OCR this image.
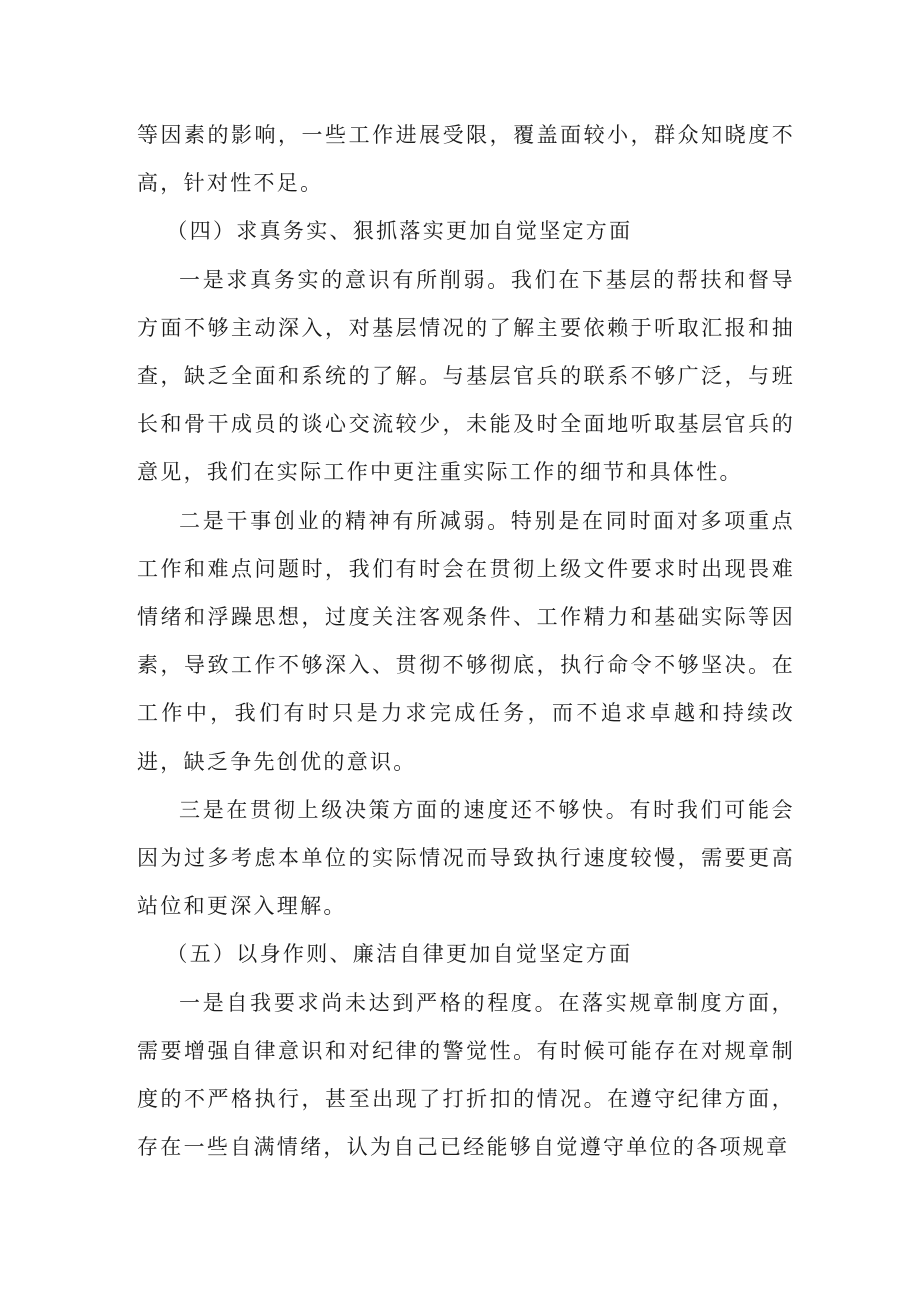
等因素的影响，一些工作进展受限，覆盖面较小，群众知晓度不高，针对性不足。

（四）求真务实、狠抓落实更加自觉坚定方面

一是求真务实的意识有所削弱。我们在下基层的帮扶和督导方面不够主动深入，对基层情况的了解主要依赖于听取汇报和抽查，缺乏全面和系统的了解。与基层官兵的联系不够广泛，与班长和骨干成员的谈心交流较少，未能及时全面地听取基层官兵的意见，我们在实际工作中更注重实际工作的细节和具体性。

二是干事创业的精神有所减弱。特别是在同时面对多项重点工作和难点问题时，我们有时会在贯彻上级文件要求时出现畏难情绪和浮躁思想，过度关注客观条件、工作精力和基础实际等因素，导致工作不够深入、贯彻不够彻底，执行命令不够坚决。在工作中，我们有时只是力求完成任务，而不追求卓越和持续改进，缺乏争先创优的意识。

三是在贯彻上级决策方面的速度还不够快。有时我们可能会因为过多考虑本单位的实际情况而导致执行速度较慢，需要更高站位和更深入理解。

（五）以身作则、廉洁自律更加自觉坚定方面

一是自我要求尚未达到严格的程度。在落实规章制度方面，需要增强自律意识和对纪律的警觉性。有时候可能存在对规章制度的不严格执行，甚至出现了打折扣的情况。在遵守纪律方面，存在一些自满情绪，认为自己已经能够自觉遵守单位的各项规章
